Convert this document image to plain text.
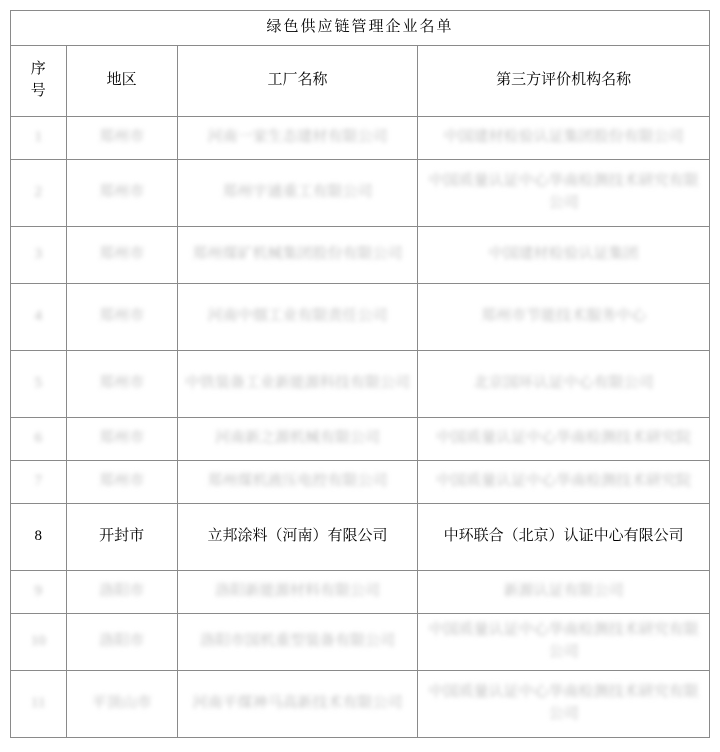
绿色供应链管理企业名单			

序
号	地区	工厂名称	第三方评价机构名称
1	郑州市	河南一家生态建材有限公司	中国建材检验认证集团股份有限公司
2	郑州市	郑州宇通重工有限公司	中国质量认证中心华南检测技术研究有限公司
3	郑州市	郑州煤矿机械集团股份有限公司	中国建材检验认证集团
4	郑州市	河南中烟工业有限责任公司	郑州市节能技术服务中心
5	郑州市	中铁装备工业新能源科技有限公司	北京国环认证中心有限公司
6	郑州市	河南新之源机械有限公司	中国质量认证中心华南检测技术研究院
7	郑州市	郑州煤机液压电控有限公司	中国质量认证中心华南检测技术研究院
8	开封市	立邦涂料（河南）有限公司	中环联合（北京）认证中心有限公司
9	洛阳市	洛阳新能源材料有限公司	新源认证有限公司
10	洛阳市	洛阳市国机重型装备有限公司	中国质量认证中心华南检测技术研究有限公司
11	平顶山市	河南平煤神马高新技术有限公司	中国质量认证中心华南检测技术研究有限公司
